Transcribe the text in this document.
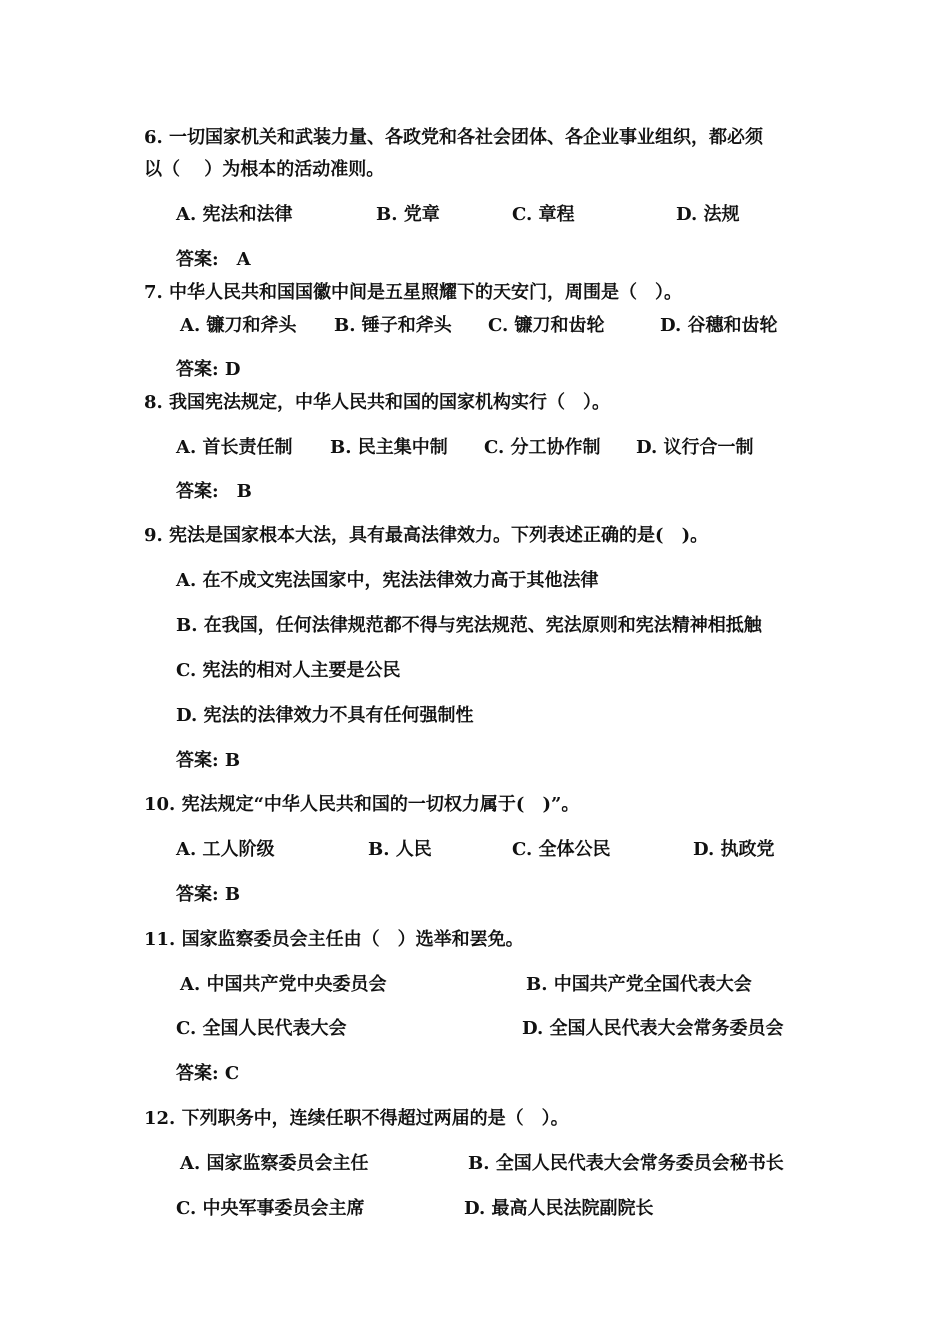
6. 一切国家机关和武装力量、各政党和各社会团体、各企业事业组织，都必须
以（　 ）为根本的活动准则。
A. 宪法和法律	B. 党章	C. 章程	D. 法规
答案:　A
7. 中华人民共和国国徽中间是五星照耀下的天安门，周围是（　）。
A. 镰刀和斧头 B. 锤子和斧头 C. 镰刀和齿轮	D. 谷穗和齿轮
答案: D
8. 我国宪法规定，中华人民共和国的国家机构实行（　）。
A. 首长责任制 B. 民主集中制 C. 分工协作制 D. 议行合一制
答案:　B
9. 宪法是国家根本大法，具有最高法律效力。下列表述正确的是(　)。
A. 在不成文宪法国家中，宪法法律效力高于其他法律
B. 在我国，任何法律规范都不得与宪法规范、宪法原则和宪法精神相抵触
C. 宪法的相对人主要是公民
D. 宪法的法律效力不具有任何强制性
答案: B
10. 宪法规定“中华人民共和国的一切权力属于(　)”。
A. 工人阶级	B. 人民	C. 全体公民	D. 执政党
答案: B
11. 国家监察委员会主任由（　）选举和罢免。
A. 中国共产党中央委员会	B. 中国共产党全国代表大会
C. 全国人民代表大会	D. 全国人民代表大会常务委员会
答案: C
12. 下列职务中，连续任职不得超过两届的是（　）。
A. 国家监察委员会主任	B. 全国人民代表大会常务委员会秘书长
C. 中央军事委员会主席	D. 最高人民法院副院长
